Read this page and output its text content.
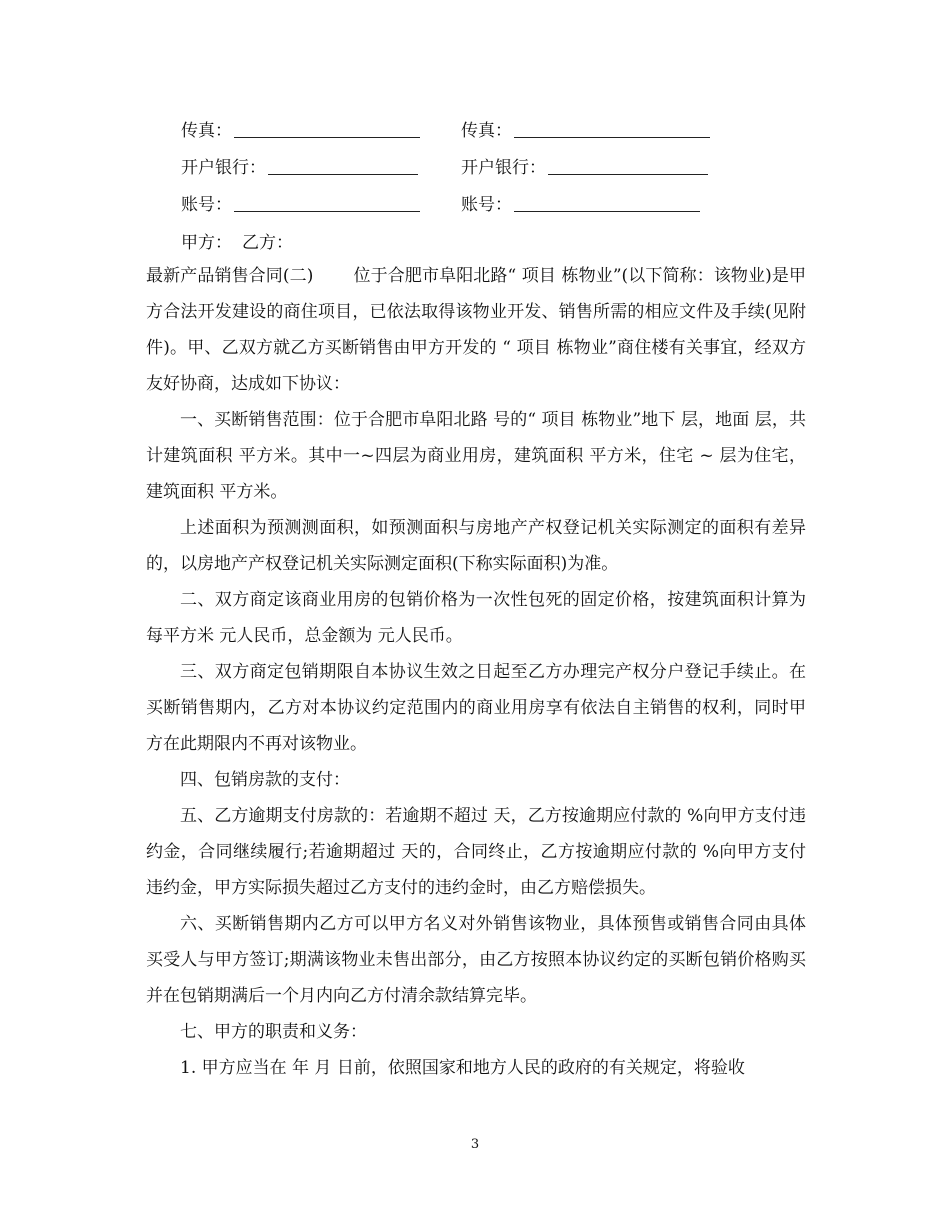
传真：	传真：
开户银行：	开户银行：
账号：	账号：
甲方： 乙方：

最新产品销售合同(二) 位于合肥市阜阳北路“ 项目 栋物业”(以下简称：该物业)是甲方合法开发建设的商住项目，已依法取得该物业开发、销售所需的相应文件及手续(见附件)。甲、乙双方就乙方买断销售由甲方开发的 “ 项目 栋物业”商住楼有关事宜，经双方友好协商，达成如下协议：

一、买断销售范围：位于合肥市阜阳北路 号的“ 项目 栋物业”地下 层，地面 层，共计建筑面积 平方米。其中一~四层为商业用房，建筑面积 平方米，住宅 ~ 层为住宅，建筑面积 平方米。

上述面积为预测测面积，如预测面积与房地产产权登记机关实际测定的面积有差异的，以房地产产权登记机关实际测定面积(下称实际面积)为准。

二、双方商定该商业用房的包销价格为一次性包死的固定价格，按建筑面积计算为每平方米 元人民币，总金额为 元人民币。

三、双方商定包销期限自本协议生效之日起至乙方办理完产权分户登记手续止。在买断销售期内，乙方对本协议约定范围内的商业用房享有依法自主销售的权利，同时甲方在此期限内不再对该物业。

四、包销房款的支付：

五、乙方逾期支付房款的：若逾期不超过 天，乙方按逾期应付款的 %向甲方支付违约金，合同继续履行;若逾期超过 天的，合同终止，乙方按逾期应付款的 %向甲方支付违约金，甲方实际损失超过乙方支付的违约金时，由乙方赔偿损失。

六、买断销售期内乙方可以甲方名义对外销售该物业，具体预售或销售合同由具体买受人与甲方签订;期满该物业未售出部分，由乙方按照本协议约定的买断包销价格购买并在包销期满后一个月内向乙方付清余款结算完毕。

七、甲方的职责和义务：

1. 甲方应当在 年 月 日前，依照国家和地方人民的政府的有关规定，将验收

3
